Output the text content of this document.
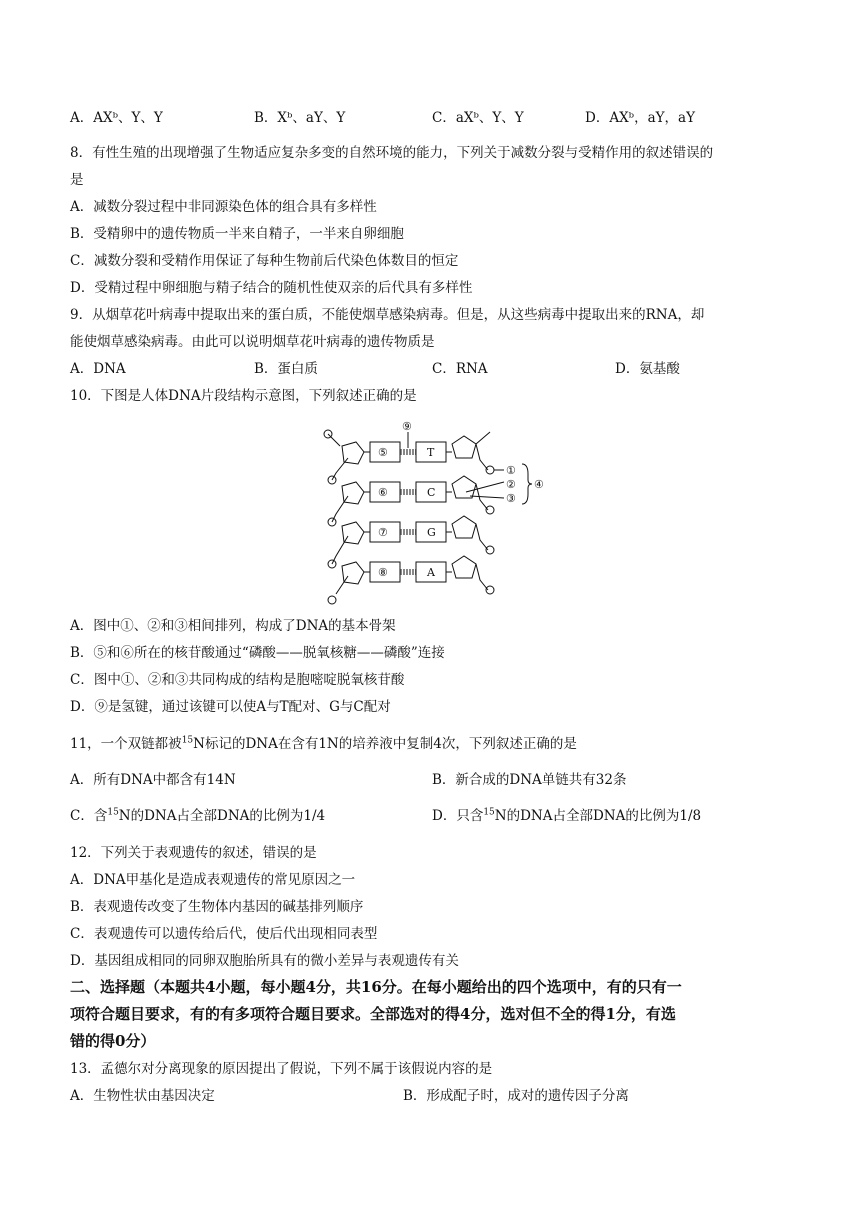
A．AXᵇ、Y、Y	B．Xᵇ、aY、Y	C．aXᵇ、Y、Y	D．AXᵇ，aY，aY
8．有性生殖的出现增强了生物适应复杂多变的自然环境的能力，下列关于减数分裂与受精作用的叙述错误的
是
A．减数分裂过程中非同源染色体的组合具有多样性
B．受精卵中的遗传物质一半来自精子，一半来自卵细胞
C．减数分裂和受精作用保证了每种生物前后代染色体数目的恒定
D．受精过程中卵细胞与精子结合的随机性使双亲的后代具有多样性
9．从烟草花叶病毒中提取出来的蛋白质，不能使烟草感染病毒。但是，从这些病毒中提取出来的RNA，却
能使烟草感染病毒。由此可以说明烟草花叶病毒的遗传物质是
A．DNA	B．蛋白质	C．RNA	D．氨基酸
10．下图是人体DNA片段结构示意图，下列叙述正确的是
⑤
⑥
⑦
⑧
T
C
G
A
⑨
①
②
③
④
A．图中①、②和③相间排列，构成了DNA的基本骨架
B．⑤和⑥所在的核苷酸通过“磷酸——脱氧核糖——磷酸”连接
C．图中①、②和③共同构成的结构是胞嘧啶脱氧核苷酸
D．⑨是氢键，通过该键可以使A与T配对、G与C配对
11，一个双链都被$^{15}$N标记的DNA在含有1N的培养液中复制4次，下列叙述正确的是
A．所有DNA中都含有14N	B．新合成的DNA单链共有32条
C．含$^{15}$N的DNA占全部DNA的比例为1/4	D．只含$^{15}$N的DNA占全部DNA的比例为1/8
12．下列关于表观遗传的叙述，错误的是
A．DNA甲基化是造成表观遗传的常见原因之一
B．表观遗传改变了生物体内基因的碱基排列顺序
C．表观遗传可以遗传给后代，使后代出现相同表型
D．基因组成相同的同卵双胞胎所具有的微小差异与表观遗传有关
二、选择题（本题共4小题，每小题4分，共16分。在每小题给出的四个选项中，有的只有一
项符合题目要求，有的有多项符合题目要求。全部选对的得4分，选对但不全的得1分，有选
错的得0分）
13．孟德尔对分离现象的原因提出了假说，下列不属于该假说内容的是
A．生物性状由基因决定	B．形成配子时，成对的遗传因子分离
